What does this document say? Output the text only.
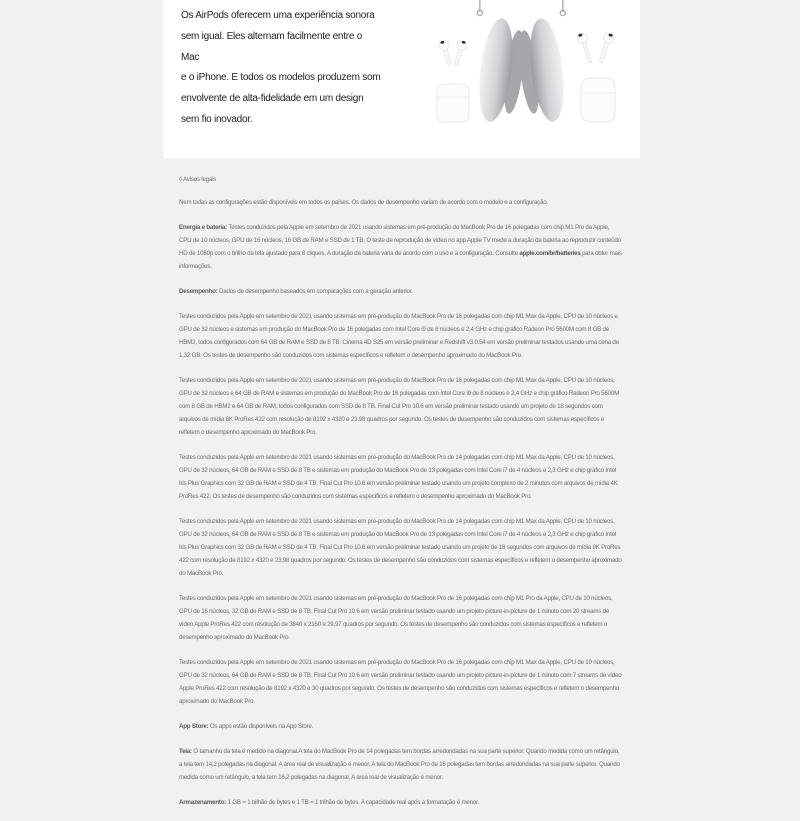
Os AirPods oferecem uma experiência sonora
sem igual. Eles alternam facilmente entre o Mac
e o iPhone. E todos os modelos produzem som
envolvente de alta-fidelidade em um design
sem fio inovador.

◊ Avisos legais

Nem todas as configurações estão disponíveis em todos os países. Os dados de desempenho variam de acordo com o modelo e a configuração.

Energia e bateria: Testes conduzidos pela Apple em setembro de 2021 usando sistemas em pré-produção do MacBook Pro de 16 polegadas com chip M1 Pro da Apple, CPU de 10 núcleos, GPU de 16 núcleos, 16 GB de RAM e SSD de 1 TB. O teste de reprodução de vídeo no app Apple TV mede a duração da bateria ao reproduzir conteúdo HD de 1080p com o brilho da tela ajustado para 8 cliques. A duração da bateria varia de acordo com o uso e a configuração. Consulte apple.com/br/batteries para obter mais informações.

Desempenho: Dados de desempenho baseados em comparações com a geração anterior.

Testes conduzidos pela Apple em setembro de 2021 usando sistemas em pré-produção do MacBook Pro de 16 polegadas com chip M1 Max da Apple, CPU de 10 núcleos e GPU de 32 núcleos e sistemas em produção do MacBook Pro de 16 polegadas com Intel Core i9 de 8 núcleos e 2,4 GHz e chip gráfico Radeon Pro 5600M com 8 GB de HBM2, todos configurados com 64 GB de RAM e SSD de 8 TB. Cinema 4D S25 em versão preliminar e Redshift v3.0.54 em versão preliminar testados usando uma cena de 1,32 GB. Os testes de desempenho são conduzidos com sistemas específicos e refletem o desempenho aproximado do MacBook Pro.

Testes conduzidos pela Apple em setembro de 2021 usando sistemas em pré-produção do MacBook Pro de 16 polegadas com chip M1 Max da Apple, CPU de 10 núcleos, GPU de 32 núcleos e 64 GB de RAM e sistemas em produção do MacBook Pro de 16 polegadas com Intel Core i9 de 8 núcleos e 2,4 GHz e chip gráfico Radeon Pro 5600M com 8 GB de HBM2 e 64 GB de RAM, todos configurados com SSD de 8 TB. Final Cut Pro 10.6 em versão preliminar testado usando um projeto de 18 segundos com arquivos de mídia 8K ProRes 422 com resolução de 8192 x 4320 e 23,98 quadros por segundo. Os testes de desempenho são conduzidos com sistemas específicos e refletem o desempenho aproximado do MacBook Pro.

Testes conduzidos pela Apple em setembro de 2021 usando sistemas em pré-produção do MacBook Pro de 14 polegadas com chip M1 Max da Apple, CPU de 10 núcleos, GPU de 32 núcleos, 64 GB de RAM e SSD de 8 TB e sistemas em produção do MacBook Pro de 13 polegadas com Intel Core i7 de 4 núcleos e 2,3 GHz e chip gráfico Intel Iris Plus Graphics com 32 GB de RAM e SSD de 4 TB. Final Cut Pro 10.6 em versão preliminar testado usando um projeto complexo de 2 minutos com arquivos de mídia 4K ProRes 422. Os testes de desempenho são conduzidos com sistemas específicos e refletem o desempenho aproximado do MacBook Pro.

Testes conduzidos pela Apple em setembro de 2021 usando sistemas em pré-produção do MacBook Pro de 14 polegadas com chip M1 Max da Apple, CPU de 10 núcleos, GPU de 32 núcleos, 64 GB de RAM e SSD de 8 TB e sistemas em produção do MacBook Pro de 13 polegadas com Intel Core i7 de 4 núcleos e 2,3 GHz e chip gráfico Intel Iris Plus Graphics com 32 GB de RAM e SSD de 4 TB. Final Cut Pro 10.6 em versão preliminar testado usando um projeto de 18 segundos com arquivos de mídia 8K ProRes 422 com resolução de 8192 x 4320 e 23,98 quadros por segundo. Os testes de desempenho são conduzidos com sistemas específicos e refletem o desempenho aproximado do MacBook Pro.

Testes conduzidos pela Apple em setembro de 2021 usando sistemas em pré-produção do MacBook Pro de 16 polegadas com chip M1 Pro da Apple, CPU de 10 núcleos, GPU de 16 núcleos, 32 GB de RAM e SSD de 8 TB. Final Cut Pro 10.6 em versão preliminar testado usando um projeto picture-in-picture de 1 minuto com 20 streams de vídeo Apple ProRes 422 com resolução de 3840 x 2160 e 29,97 quadros por segundo. Os testes de desempenho são conduzidos com sistemas específicos e refletem o desempenho aproximado do MacBook Pro.

Testes conduzidos pela Apple em setembro de 2021 usando sistemas em pré-produção do MacBook Pro de 16 polegadas com chip M1 Max da Apple, CPU de 10 núcleos, GPU de 32 núcleos, 64 GB de RAM e SSD de 8 TB. Final Cut Pro 10.6 em versão preliminar testado usando um projeto picture-in-picture de 1 minuto com 7 streams de vídeo Apple ProRes 422 com resolução de 8192 x 4320 e 30 quadros por segundo. Os testes de desempenho são conduzidos com sistemas específicos e refletem o desempenho aproximado do MacBook Pro.

App Store: Os apps estão disponíveis na App Store.

Tela: O tamanho da tela é medido na diagonal.A tela do MacBook Pro de 14 polegadas tem bordas arredondadas na sua parte superior. Quando medida como um retângulo, a tela tem 14,2 polegadas na diagonal. A área real de visualização é menor. A tela do MacBook Pro de 16 polegadas tem bordas arredondadas na sua parte superior. Quando medida como um retângulo, a tela tem 16,2 polegadas na diagonal. A área real de visualização é menor.

Armazenamento: 1 GB = 1 bilhão de bytes e 1 TB = 1 trilhão de bytes. A capacidade real após a formatação é menor.
